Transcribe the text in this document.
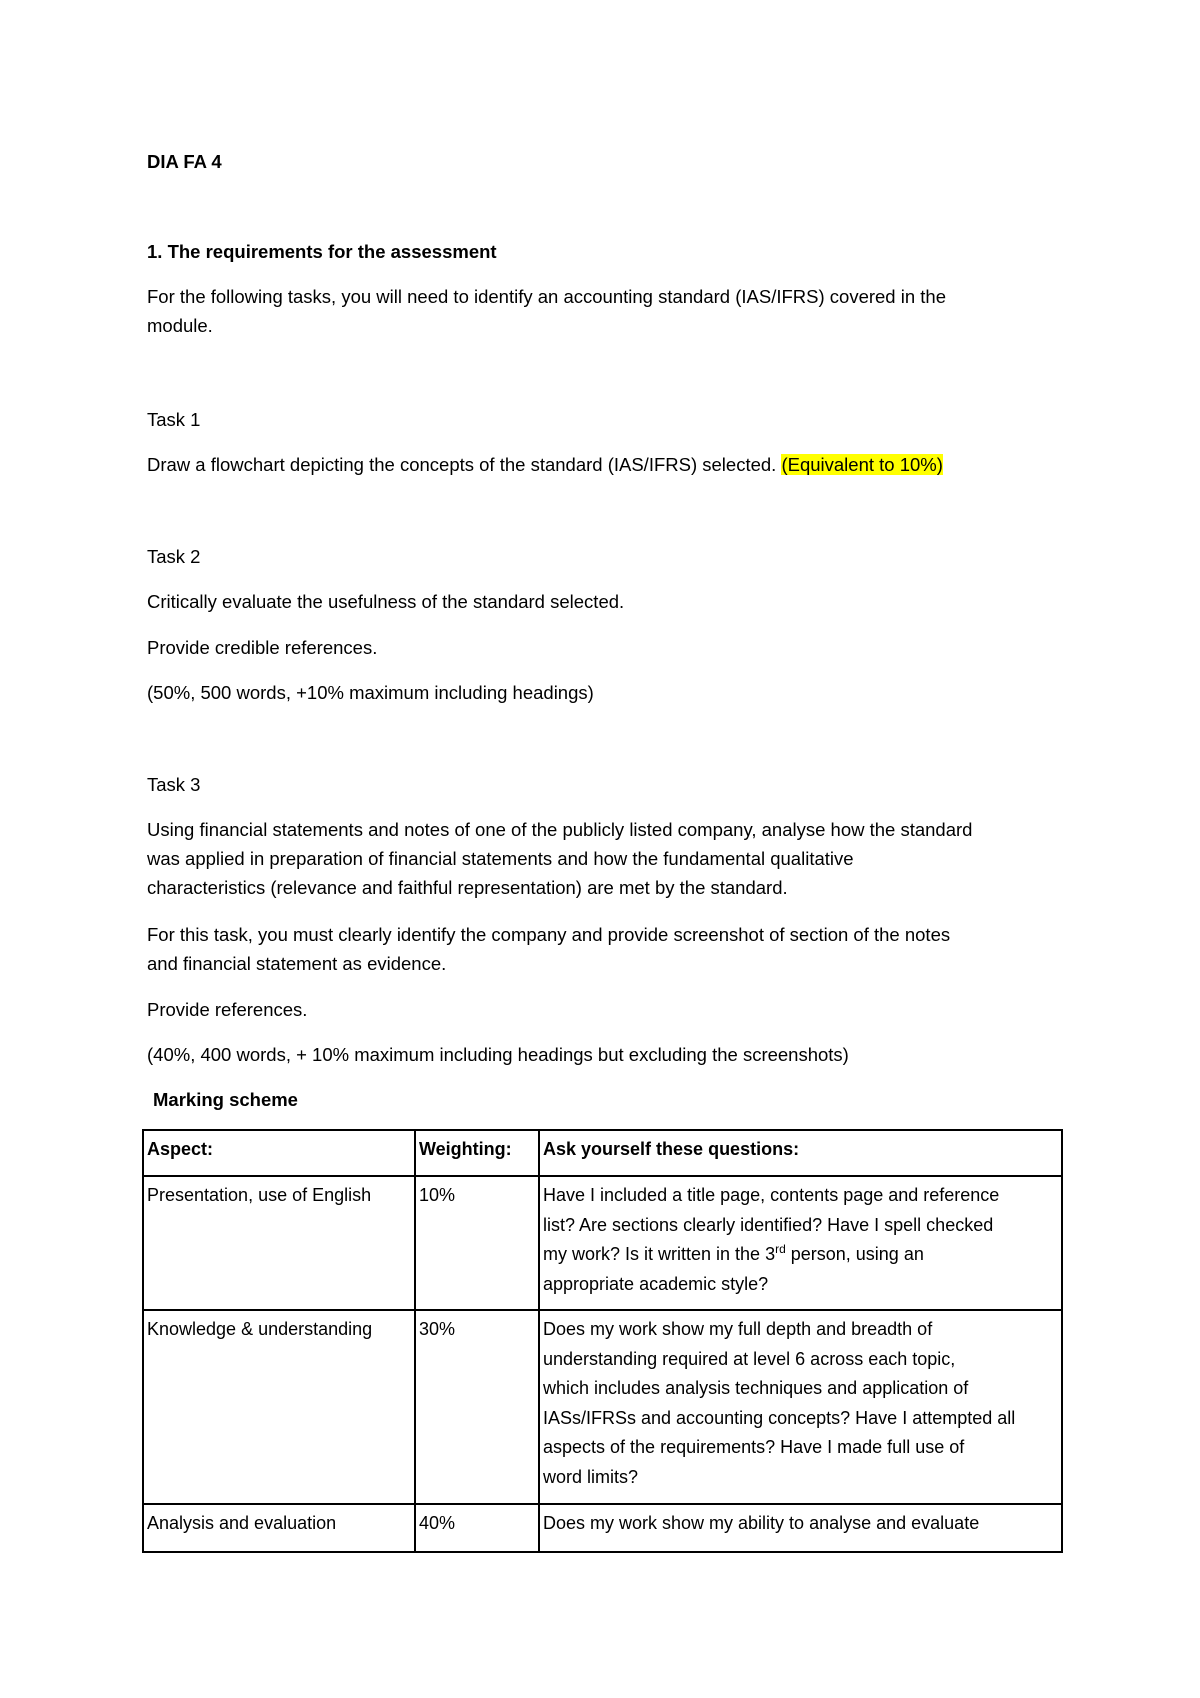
DIA FA 4

1. The requirements for the assessment

For the following tasks, you will need to identify an accounting standard (IAS/IFRS) covered in the

module.

Task 1

Draw a flowchart depicting the concepts of the standard (IAS/IFRS) selected. (Equivalent to 10%)

Task 2

Critically evaluate the usefulness of the standard selected.

Provide credible references.

(50%, 500 words, +10% maximum including headings)

Task 3

Using financial statements and notes of one of the publicly listed company, analyse how the standard

was applied in preparation of financial statements and how the fundamental qualitative

characteristics (relevance and faithful representation) are met by the standard.

For this task, you must clearly identify the company and provide screenshot of section of the notes

and financial statement as evidence.

Provide references.

(40%, 400 words, + 10% maximum including headings but excluding the screenshots)

Marking scheme

Aspect:	Weighting:	Ask yourself these questions:
Presentation, use of English	10%	Have I included a title page, contents page and reference
list? Are sections clearly identified? Have I spell checked
my work? Is it written in the 3rd person, using an
appropriate academic style?
Knowledge & understanding	30%	Does my work show my full depth and breadth of
understanding required at level 6 across each topic,
which includes analysis techniques and application of
IASs/IFRSs and accounting concepts? Have I attempted all
aspects of the requirements? Have I made full use of
word limits?
Analysis and evaluation	40%	Does my work show my ability to analyse and evaluate
